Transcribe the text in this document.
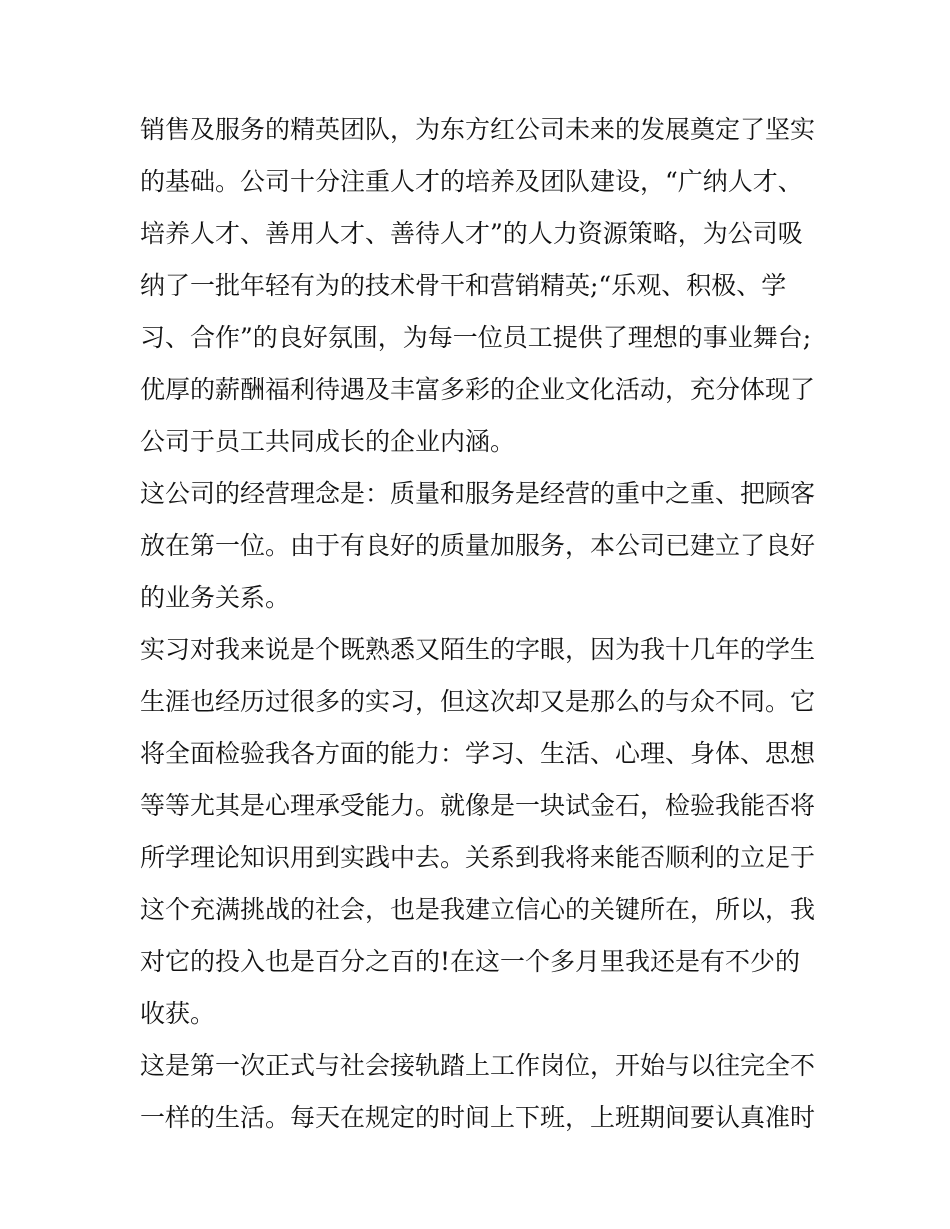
销售及服务的精英团队，为东方红公司未来的发展奠定了坚实
的基础。公司十分注重人才的培养及团队建设，“广纳人才、
培养人才、善用人才、善待人才”的人力资源策略，为公司吸
纳了一批年轻有为的技术骨干和营销精英;“乐观、积极、学
习、合作”的良好氛围，为每一位员工提供了理想的事业舞台;
优厚的薪酬福利待遇及丰富多彩的企业文化活动，充分体现了
公司于员工共同成长的企业内涵。
这公司的经营理念是：质量和服务是经营的重中之重、把顾客
放在第一位。由于有良好的质量加服务，本公司已建立了良好
的业务关系。
实习对我来说是个既熟悉又陌生的字眼，因为我十几年的学生
生涯也经历过很多的实习，但这次却又是那么的与众不同。它
将全面检验我各方面的能力：学习、生活、心理、身体、思想
等等尤其是心理承受能力。就像是一块试金石，检验我能否将
所学理论知识用到实践中去。关系到我将来能否顺利的立足于
这个充满挑战的社会，也是我建立信心的关键所在，所以，我
对它的投入也是百分之百的!在这一个多月里我还是有不少的
收获。
这是第一次正式与社会接轨踏上工作岗位，开始与以往完全不
一样的生活。每天在规定的时间上下班，上班期间要认真准时
